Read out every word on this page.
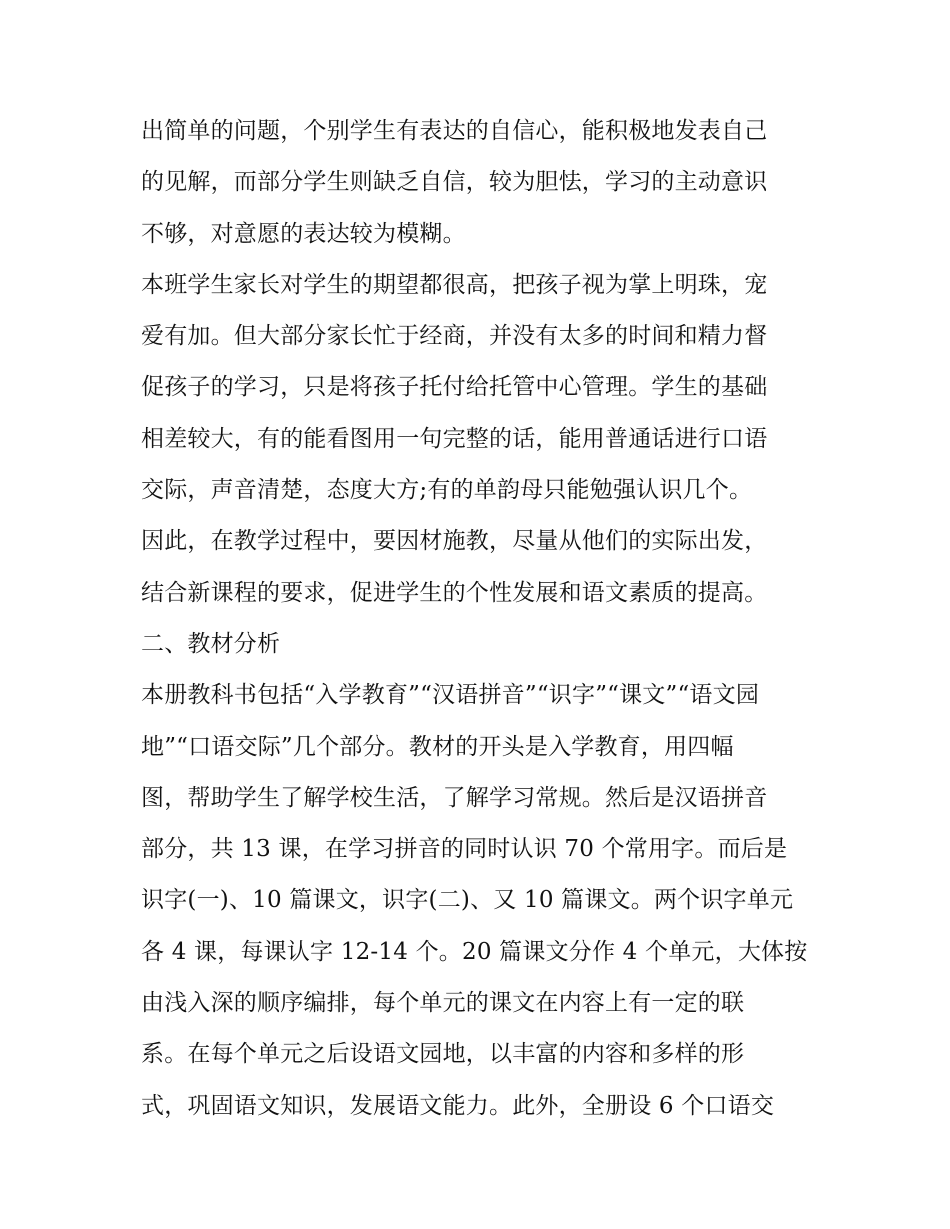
出简单的问题，个别学生有表达的自信心，能积极地发表自己
的见解，而部分学生则缺乏自信，较为胆怯，学习的主动意识
不够，对意愿的表达较为模糊。
本班学生家长对学生的期望都很高，把孩子视为掌上明珠，宠
爱有加。但大部分家长忙于经商，并没有太多的时间和精力督
促孩子的学习，只是将孩子托付给托管中心管理。学生的基础
相差较大，有的能看图用一句完整的话，能用普通话进行口语
交际，声音清楚，态度大方;有的单韵母只能勉强认识几个。
因此，在教学过程中，要因材施教，尽量从他们的实际出发，
结合新课程的要求，促进学生的个性发展和语文素质的提高。
二、教材分析
本册教科书包括“入学教育”“汉语拼音”“识字”“课文”“语文园
地”“口语交际”几个部分。教材的开头是入学教育，用四幅
图，帮助学生了解学校生活，了解学习常规。然后是汉语拼音
部分，共 13 课，在学习拼音的同时认识 70 个常用字。而后是
识字(一)、10 篇课文，识字(二)、又 10 篇课文。两个识字单元
各 4 课，每课认字 12-14 个。20 篇课文分作 4 个单元，大体按
由浅入深的顺序编排，每个单元的课文在内容上有一定的联
系。在每个单元之后设语文园地，以丰富的内容和多样的形
式，巩固语文知识，发展语文能力。此外，全册设 6 个口语交
